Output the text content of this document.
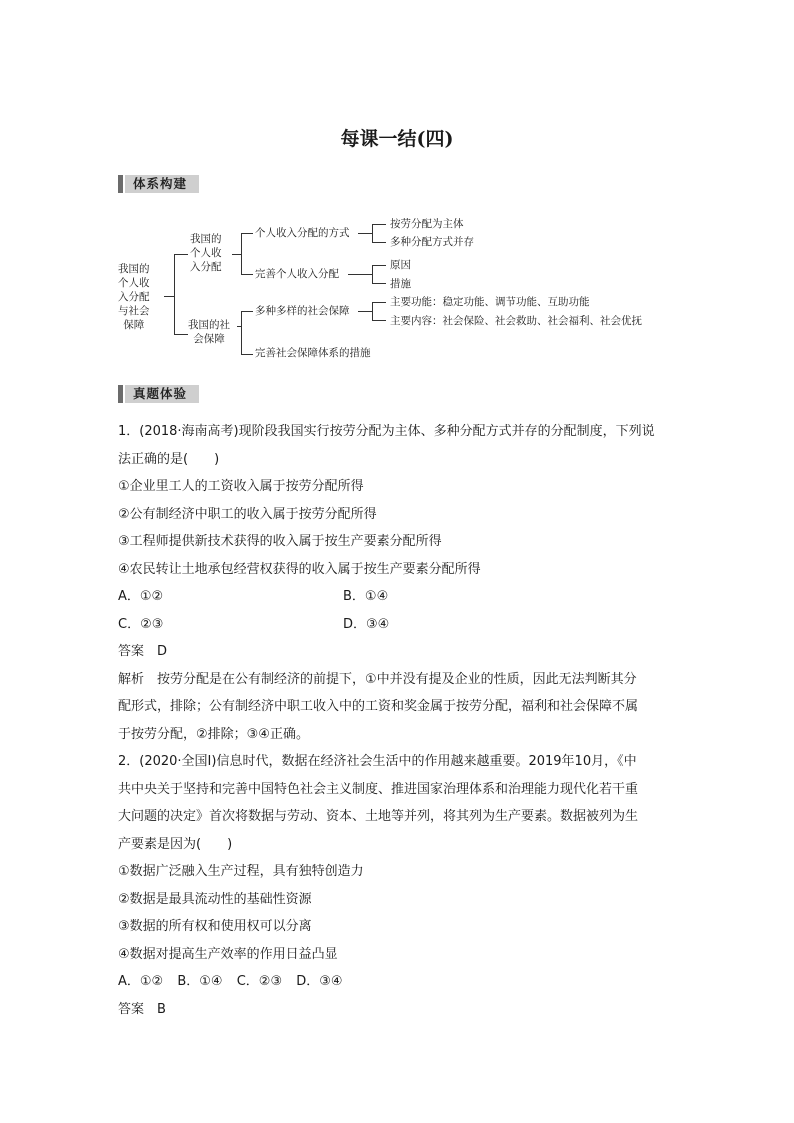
每课一结(四)
体系构建
我国的
个人收
入分配
与社会
保障
我国的
个人收
入分配
个人收入分配的方式
按劳分配为主体
多种分配方式并存
完善个人收入分配
原因
措施
我国的社
会保障
多种多样的社会保障
主要功能：稳定功能、调节功能、互助功能
主要内容：社会保险、社会救助、社会福利、社会优抚
完善社会保障体系的措施
真题体验
1．(2018·海南高考)现阶段我国实行按劳分配为主体、多种分配方式并存的分配制度，下列说
法正确的是(　　)
①企业里工人的工资收入属于按劳分配所得
②公有制经济中职工的收入属于按劳分配所得
③工程师提供新技术获得的收入属于按生产要素分配所得
④农民转让土地承包经营权获得的收入属于按生产要素分配所得
A．①②	B．①④
C．②③	D．③④
答案　D
解析　按劳分配是在公有制经济的前提下，①中并没有提及企业的性质，因此无法判断其分
配形式，排除；公有制经济中职工收入中的工资和奖金属于按劳分配，福利和社会保障不属
于按劳分配，②排除；③④正确。
2．(2020·全国Ⅰ)信息时代，数据在经济社会生活中的作用越来越重要。2019年10月，《中
共中央关于坚持和完善中国特色社会主义制度、推进国家治理体系和治理能力现代化若干重
大问题的决定》首次将数据与劳动、资本、土地等并列，将其列为生产要素。数据被列为生
产要素是因为(　　)
①数据广泛融入生产过程，具有独特创造力
②数据是最具流动性的基础性资源
③数据的所有权和使用权可以分离
④数据对提高生产效率的作用日益凸显
A．①② B．①④ C．②③ D．③④
答案　B
